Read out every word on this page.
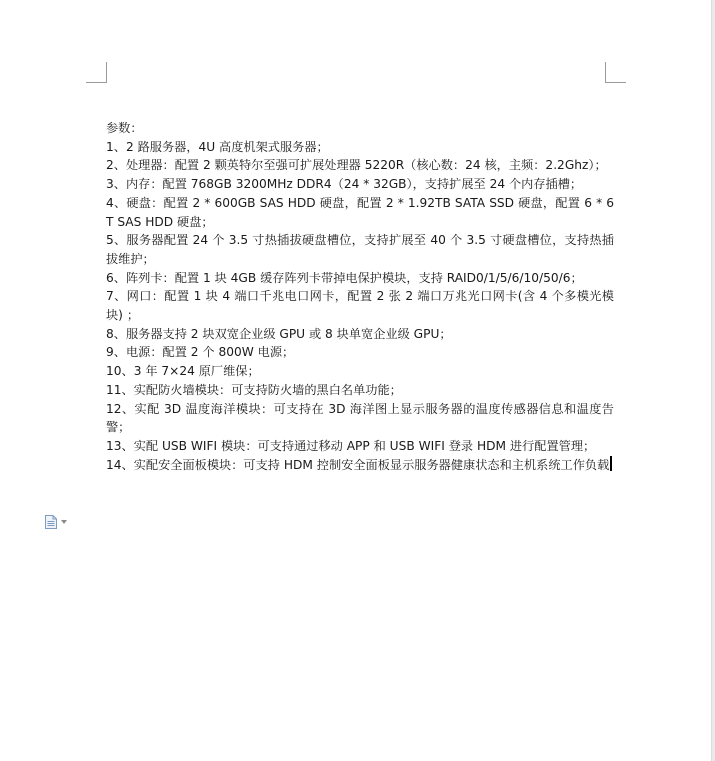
参数：

1、2 路服务器，4U 高度机架式服务器；

2、处理器：配置 2 颗英特尔至强可扩展处理器 5220R（核心数：24 核，主频：2.2Ghz）；

3、内存：配置 768GB 3200MHz DDR4（24 * 32GB），支持扩展至 24 个内存插槽；

4、硬盘：配置 2 * 600GB SAS HDD 硬盘，配置 2 * 1.92TB SATA SSD 硬盘，配置 6 * 6T SAS HDD 硬盘；

5、服务器配置 24 个 3.5 寸热插拔硬盘槽位，支持扩展至 40 个 3.5 寸硬盘槽位，支持热插拔维护；

6、阵列卡：配置 1 块 4GB 缓存阵列卡带掉电保护模块，支持 RAID0/1/5/6/10/50/6；

7、网口：配置 1 块 4 端口千兆电口网卡，配置 2 张 2 端口万兆光口网卡(含 4 个多模光模块) ；

8、服务器支持 2 块双宽企业级 GPU 或 8 块单宽企业级 GPU；

9、电源：配置 2 个 800W 电源；

10、3 年 7×24 原厂维保；

11、实配防火墙模块：可支持防火墙的黑白名单功能；

12、实配 3D 温度海洋模块：可支持在 3D 海洋图上显示服务器的温度传感器信息和温度告警；

13、实配 USB WIFI 模块：可支持通过移动 APP 和 USB WIFI 登录 HDM 进行配置管理；

14、实配安全面板模块：可支持 HDM 控制安全面板显示服务器健康状态和主机系统工作负载
